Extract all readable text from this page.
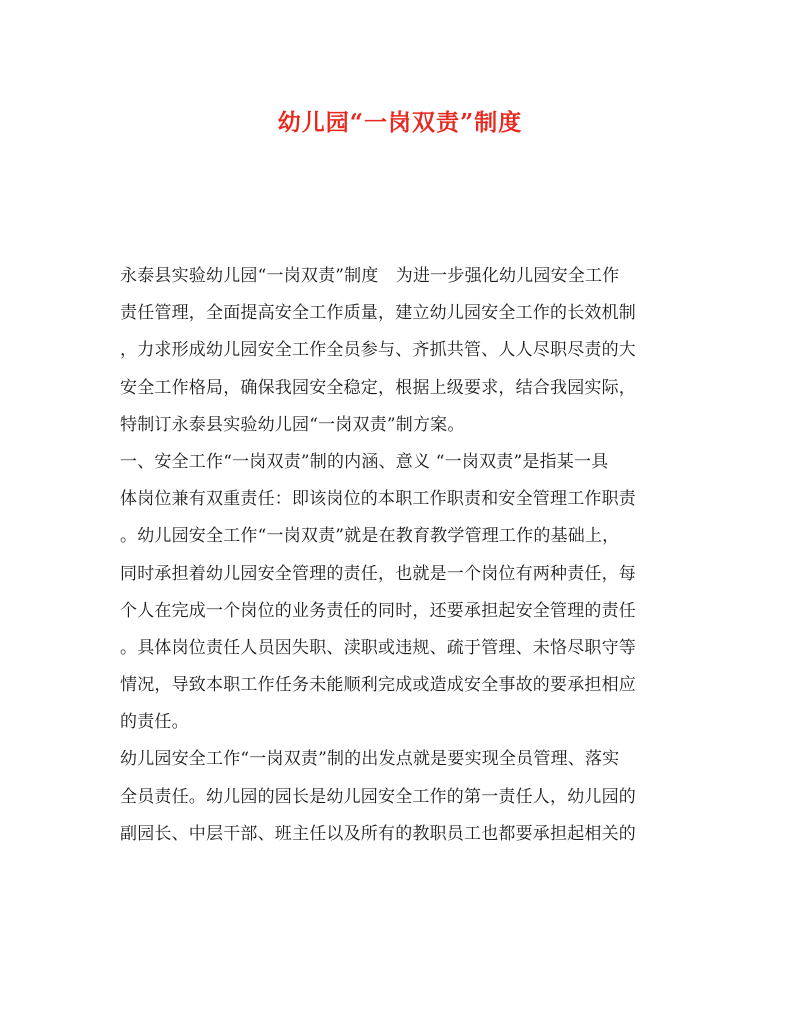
幼儿园“一岗双责”制度
永泰县实验幼儿园“一岗双责”制度　为进一步强化幼儿园安全工作
责任管理，全面提高安全工作质量，建立幼儿园安全工作的长效机制
，力求形成幼儿园安全工作全员参与、齐抓共管、人人尽职尽责的大
安全工作格局，确保我园安全稳定，根据上级要求，结合我园实际，
特制订永泰县实验幼儿园“一岗双责”制方案。
一、安全工作“一岗双责”制的内涵、意义 “一岗双责”是指某一具
体岗位兼有双重责任：即该岗位的本职工作职责和安全管理工作职责
。幼儿园安全工作“一岗双责”就是在教育教学管理工作的基础上，
同时承担着幼儿园安全管理的责任，也就是一个岗位有两种责任，每
个人在完成一个岗位的业务责任的同时，还要承担起安全管理的责任
。具体岗位责任人员因失职、渎职或违规、疏于管理、未恪尽职守等
情况，导致本职工作任务未能顺利完成或造成安全事故的要承担相应
的责任。
幼儿园安全工作“一岗双责”制的出发点就是要实现全员管理、落实
全员责任。幼儿园的园长是幼儿园安全工作的第一责任人，幼儿园的
副园长、中层干部、班主任以及所有的教职员工也都要承担起相关的
